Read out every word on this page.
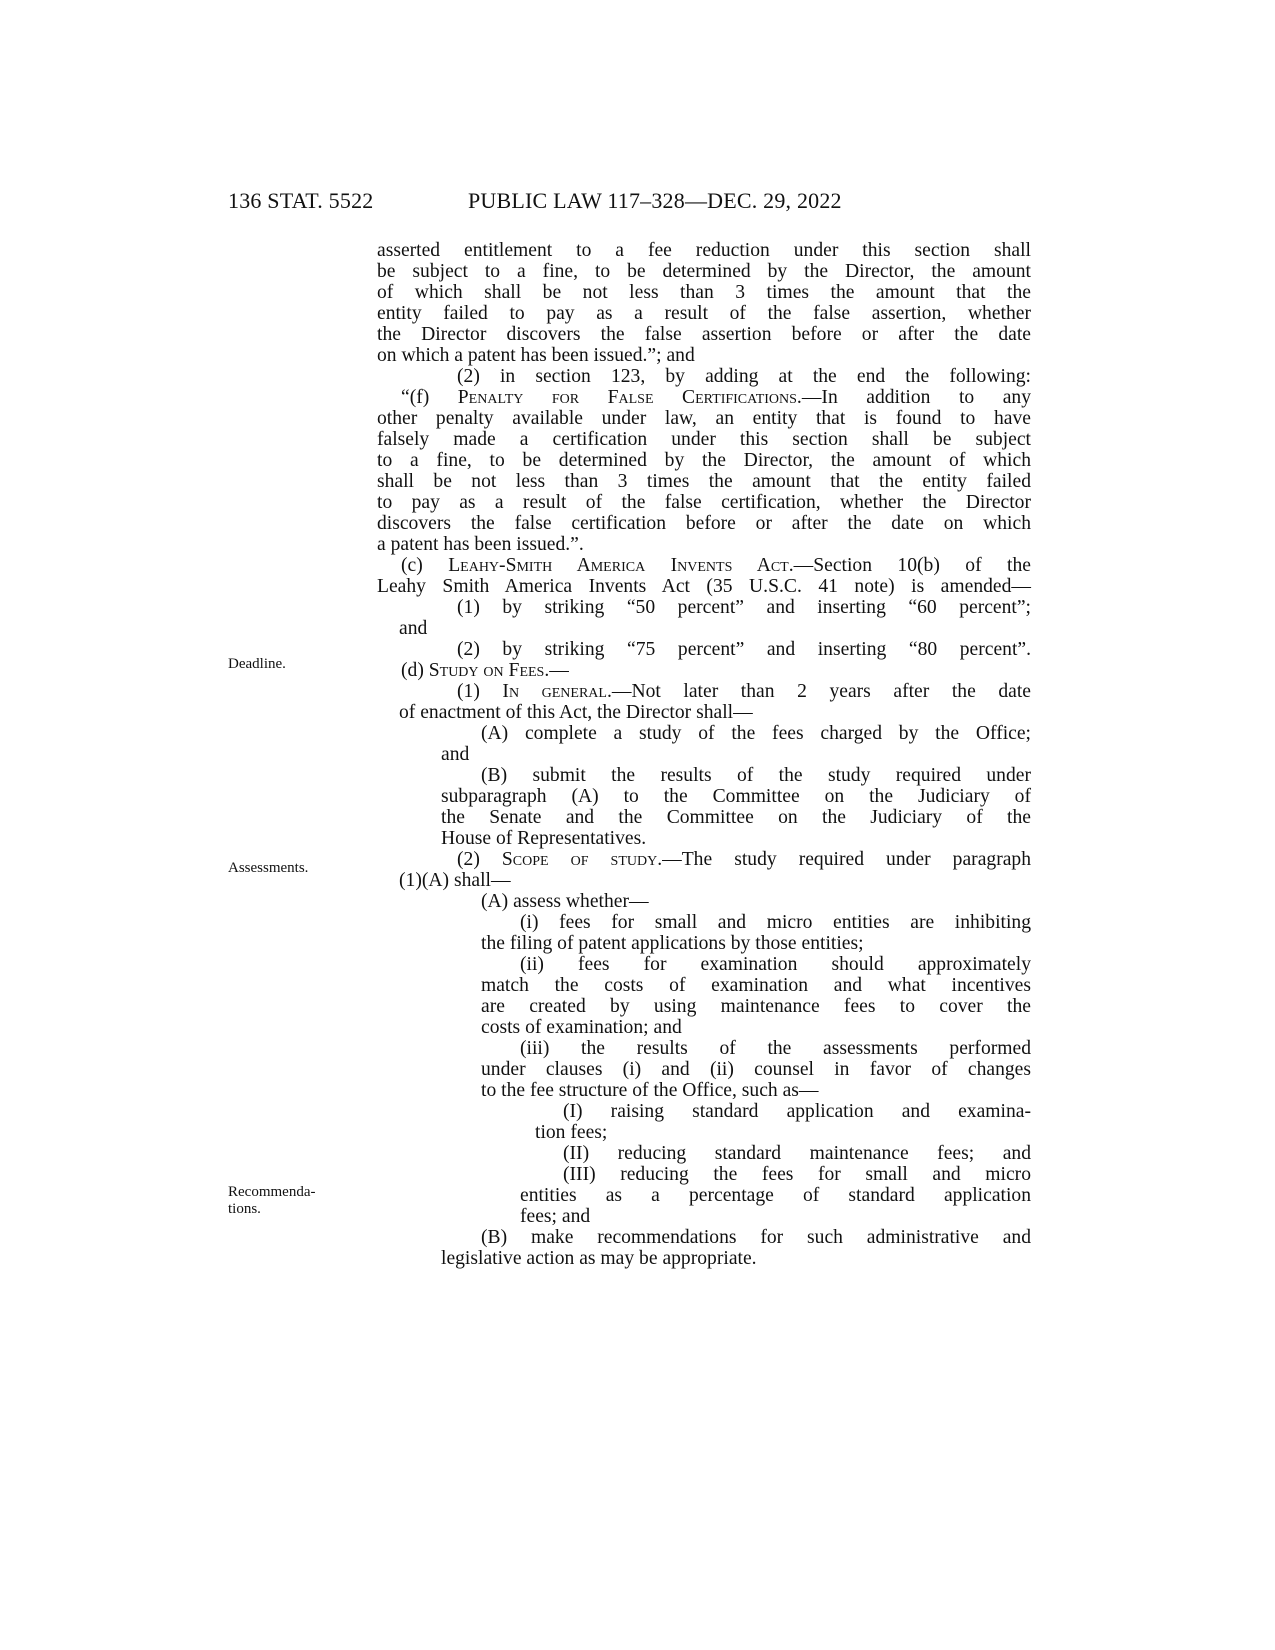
136 STAT. 5522	PUBLIC LAW 117–328—DEC. 29, 2022
Deadline.
Assessments.
Recommenda-
tions.
asserted entitlement to a fee reduction under this section shall
be subject to a fine, to be determined by the Director, the amount
of which shall be not less than 3 times the amount that the
entity failed to pay as a result of the false assertion, whether
the Director discovers the false assertion before or after the date
on which a patent has been issued.”; and
(2) in section 123, by adding at the end the following:
“(f) Penalty for False Certifications.—In addition to any
other penalty available under law, an entity that is found to have
falsely made a certification under this section shall be subject
to a fine, to be determined by the Director, the amount of which
shall be not less than 3 times the amount that the entity failed
to pay as a result of the false certification, whether the Director
discovers the false certification before or after the date on which
a patent has been issued.”.
(c) Leahy-Smith America Invents Act.—Section 10(b) of the
Leahy Smith America Invents Act (35 U.S.C. 41 note) is amended—
(1) by striking “50 percent” and inserting “60 percent”;
and
(2) by striking “75 percent” and inserting “80 percent”.
(d) Study on Fees.—
(1) In general.—Not later than 2 years after the date
of enactment of this Act, the Director shall—
(A) complete a study of the fees charged by the Office;
and
(B) submit the results of the study required under
subparagraph (A) to the Committee on the Judiciary of
the Senate and the Committee on the Judiciary of the
House of Representatives.
(2) Scope of study.—The study required under paragraph
(1)(A) shall—
(A) assess whether—
(i) fees for small and micro entities are inhibiting
the filing of patent applications by those entities;
(ii) fees for examination should approximately
match the costs of examination and what incentives
are created by using maintenance fees to cover the
costs of examination; and
(iii) the results of the assessments performed
under clauses (i) and (ii) counsel in favor of changes
to the fee structure of the Office, such as—
(I) raising standard application and examina-
tion fees;
(II) reducing standard maintenance fees; and
(III) reducing the fees for small and micro
entities as a percentage of standard application
fees; and
(B) make recommendations for such administrative and
legislative action as may be appropriate.
